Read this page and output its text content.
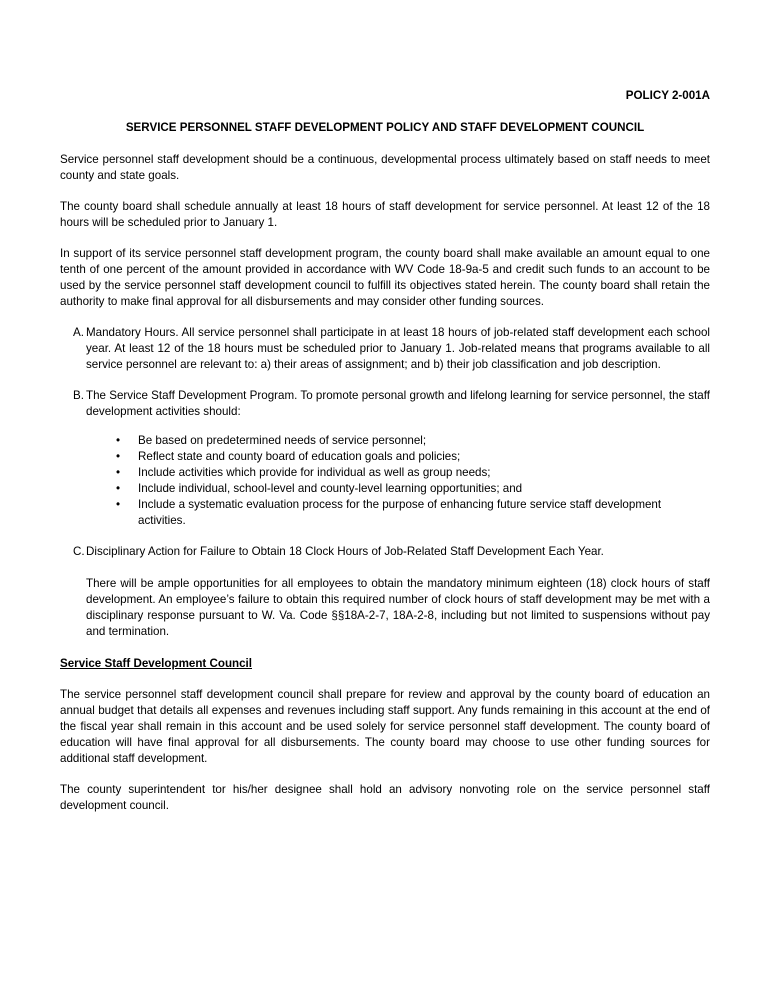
POLICY 2-001A
SERVICE PERSONNEL STAFF DEVELOPMENT POLICY AND STAFF DEVELOPMENT COUNCIL

Service personnel staff development should be a continuous, developmental process ultimately based on staff needs to meet county and state goals.

The county board shall schedule annually at least 18 hours of staff development for service personnel. At least 12 of the 18 hours will be scheduled prior to January 1.

In support of its service personnel staff development program, the county board shall make available an amount equal to one tenth of one percent of the amount provided in accordance with WV Code 18-9a-5 and credit such funds to an account to be used by the service personnel staff development council to fulfill its objectives stated herein. The county board shall retain the authority to make final approval for all disbursements and may consider other funding sources.

A. Mandatory Hours. All service personnel shall participate in at least 18 hours of job-related staff development each school year. At least 12 of the 18 hours must be scheduled prior to January 1. Job-related means that programs available to all service personnel are relevant to: a) their areas of assignment; and b) their job classification and job description.
B. The Service Staff Development Program. To promote personal growth and lifelong learning for service personnel, the staff development activities should:
• Be based on predetermined needs of service personnel;
• Reflect state and county board of education goals and policies;
• Include activities which provide for individual as well as group needs;
• Include individual, school-level and county-level learning opportunities; and
• Include a systematic evaluation process for the purpose of enhancing future service staff development activities.
C. Disciplinary Action for Failure to Obtain 18 Clock Hours of Job-Related Staff Development Each Year.
There will be ample opportunities for all employees to obtain the mandatory minimum eighteen (18) clock hours of staff development. An employee’s failure to obtain this required number of clock hours of staff development may be met with a disciplinary response pursuant to W. Va. Code §§18A-2-7, 18A-2-8, including but not limited to suspensions without pay and termination.
Service Staff Development Council

The service personnel staff development council shall prepare for review and approval by the county board of education an annual budget that details all expenses and revenues including staff support. Any funds remaining in this account at the end of the fiscal year shall remain in this account and be used solely for service personnel staff development. The county board of education will have final approval for all disbursements. The county board may choose to use other funding sources for additional staff development.

The county superintendent tor his/her designee shall hold an advisory nonvoting role on the service personnel staff development council.
